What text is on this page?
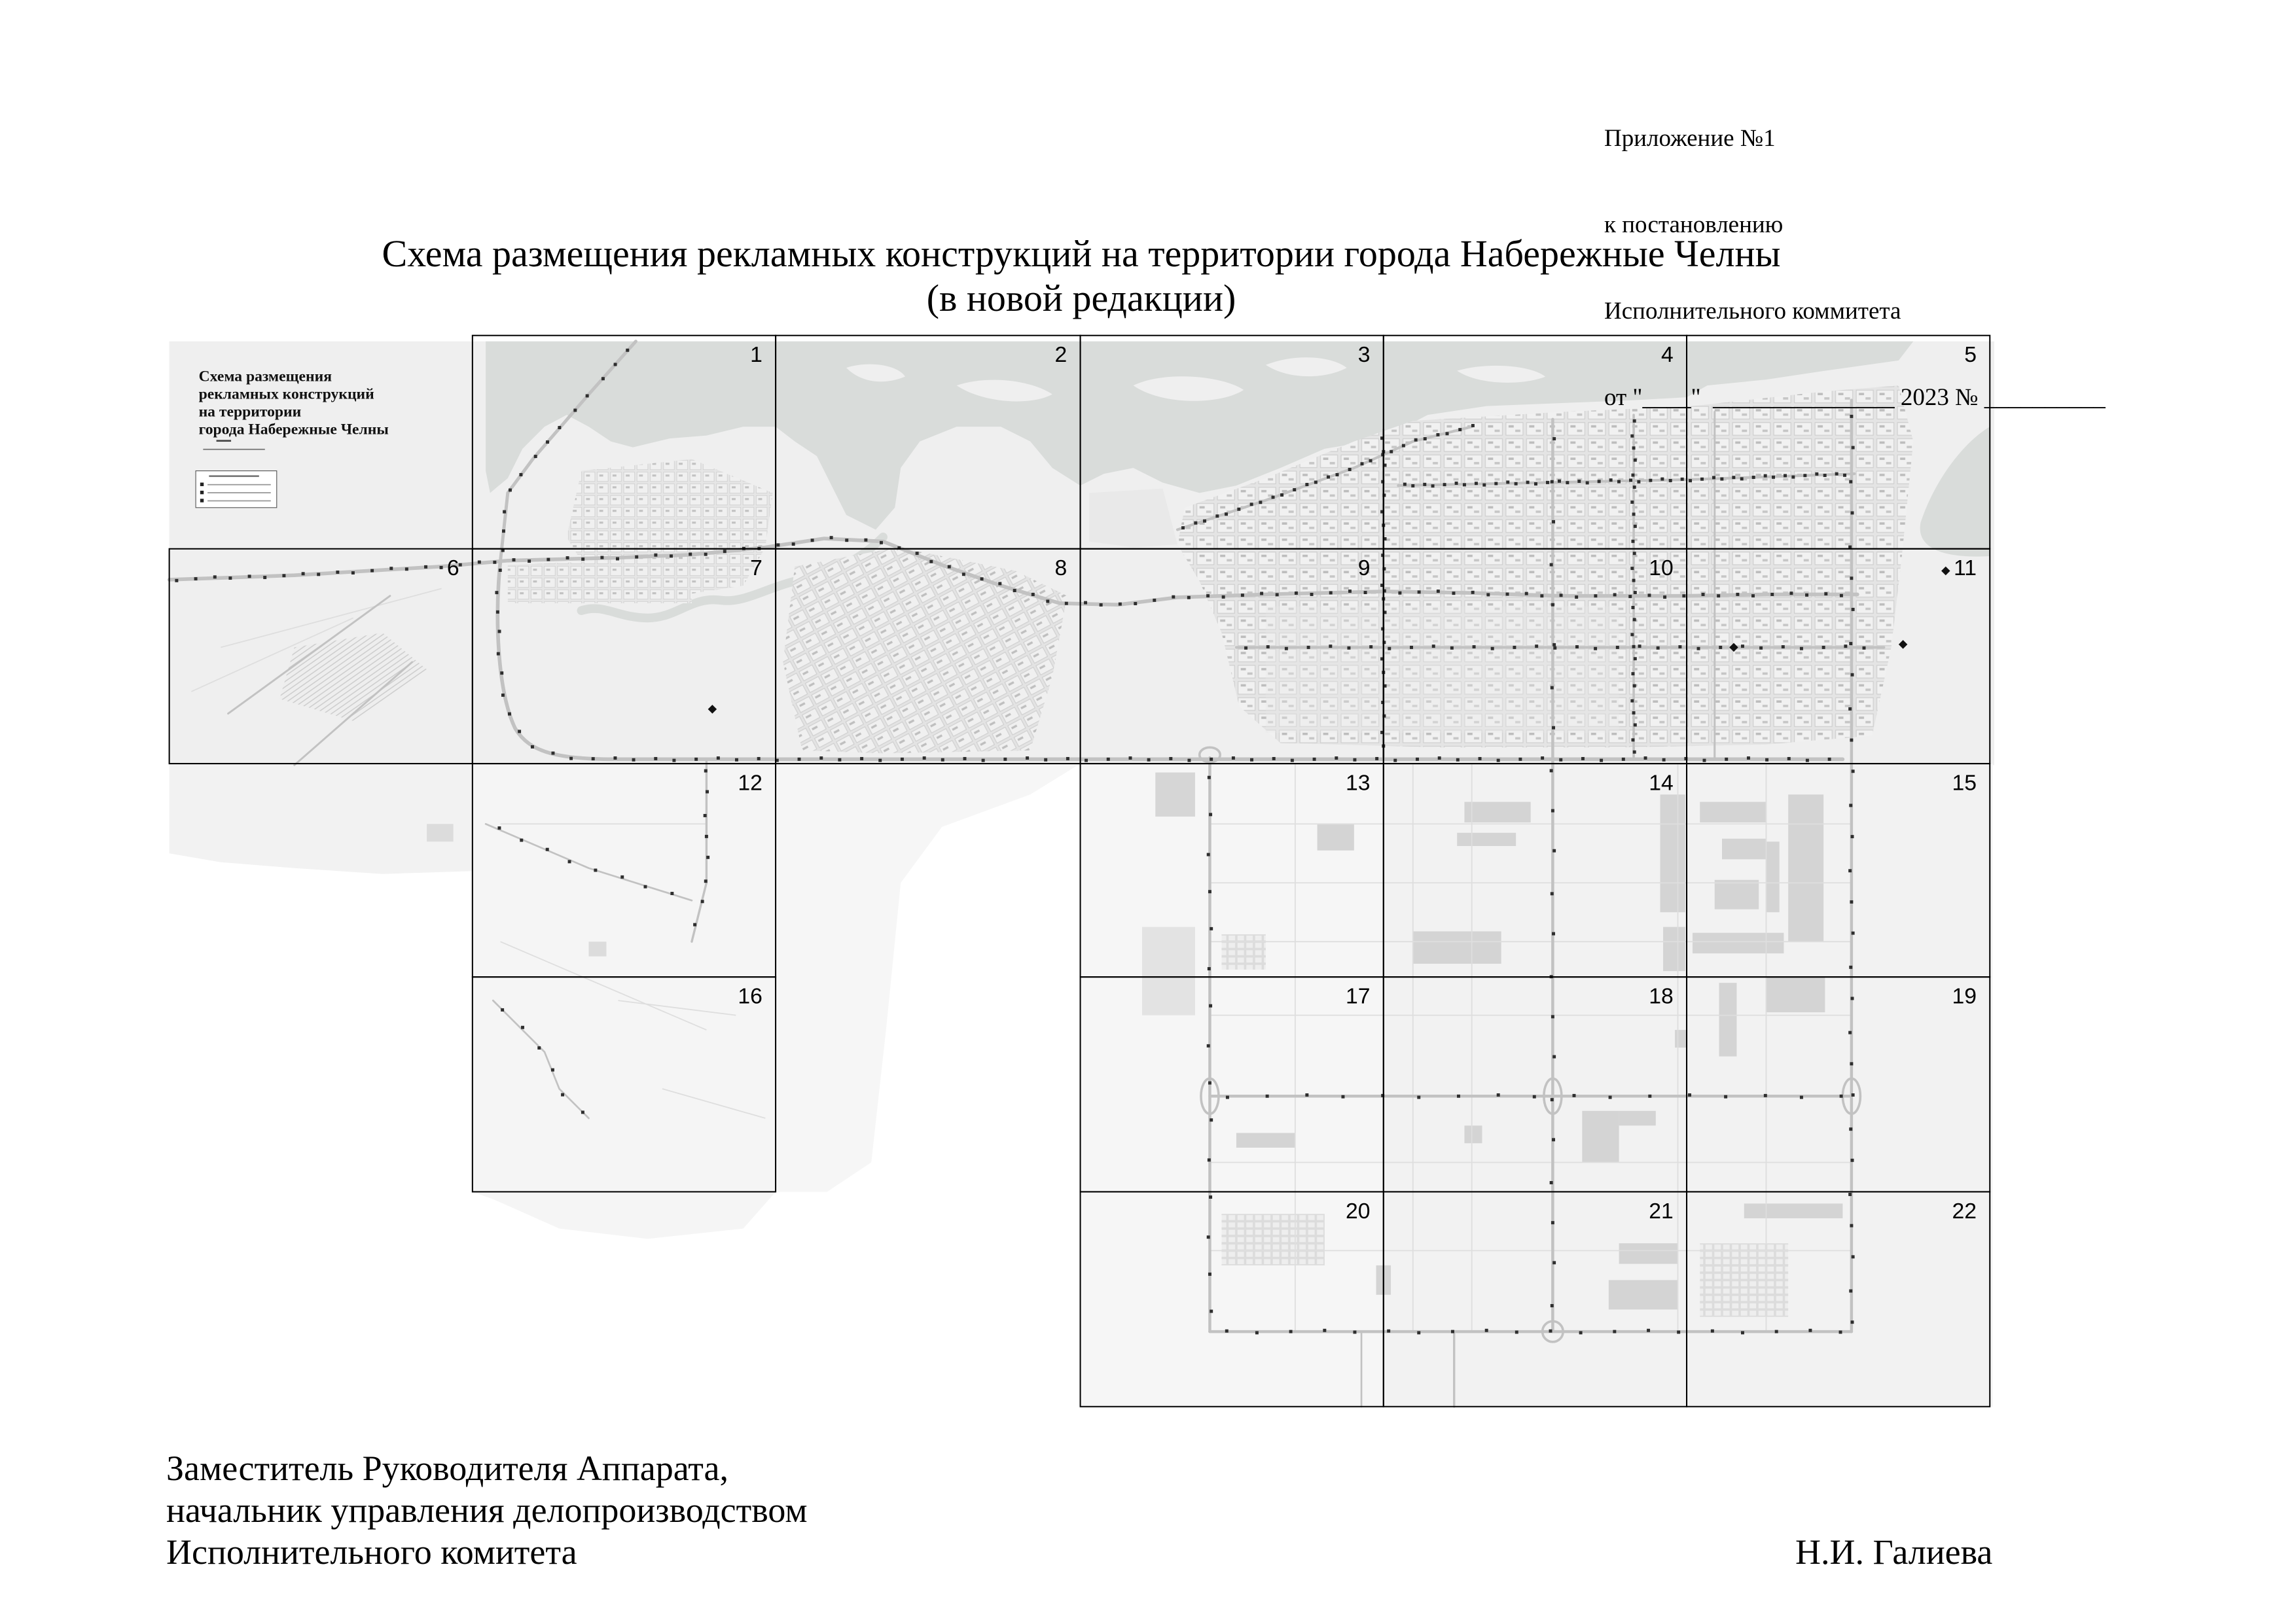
Схема размещения
рекламных конструкций
на территории
города Набережные Челны
1	2	3	4	5
6	7	8	9	10	11
12	13	14	15
16	17	18	19
20	21	22

Приложение №1

к постановлению

Исполнительного коммитета

от "____"  _______________ 2023 № __________

Схема размещения рекламных конструкций на территории города Набережные Челны
(в новой редакции)
Заместитель Руководителя Аппарата,
начальник управления делопроизводством
Исполнительного комитета	Н.И. Галиева
